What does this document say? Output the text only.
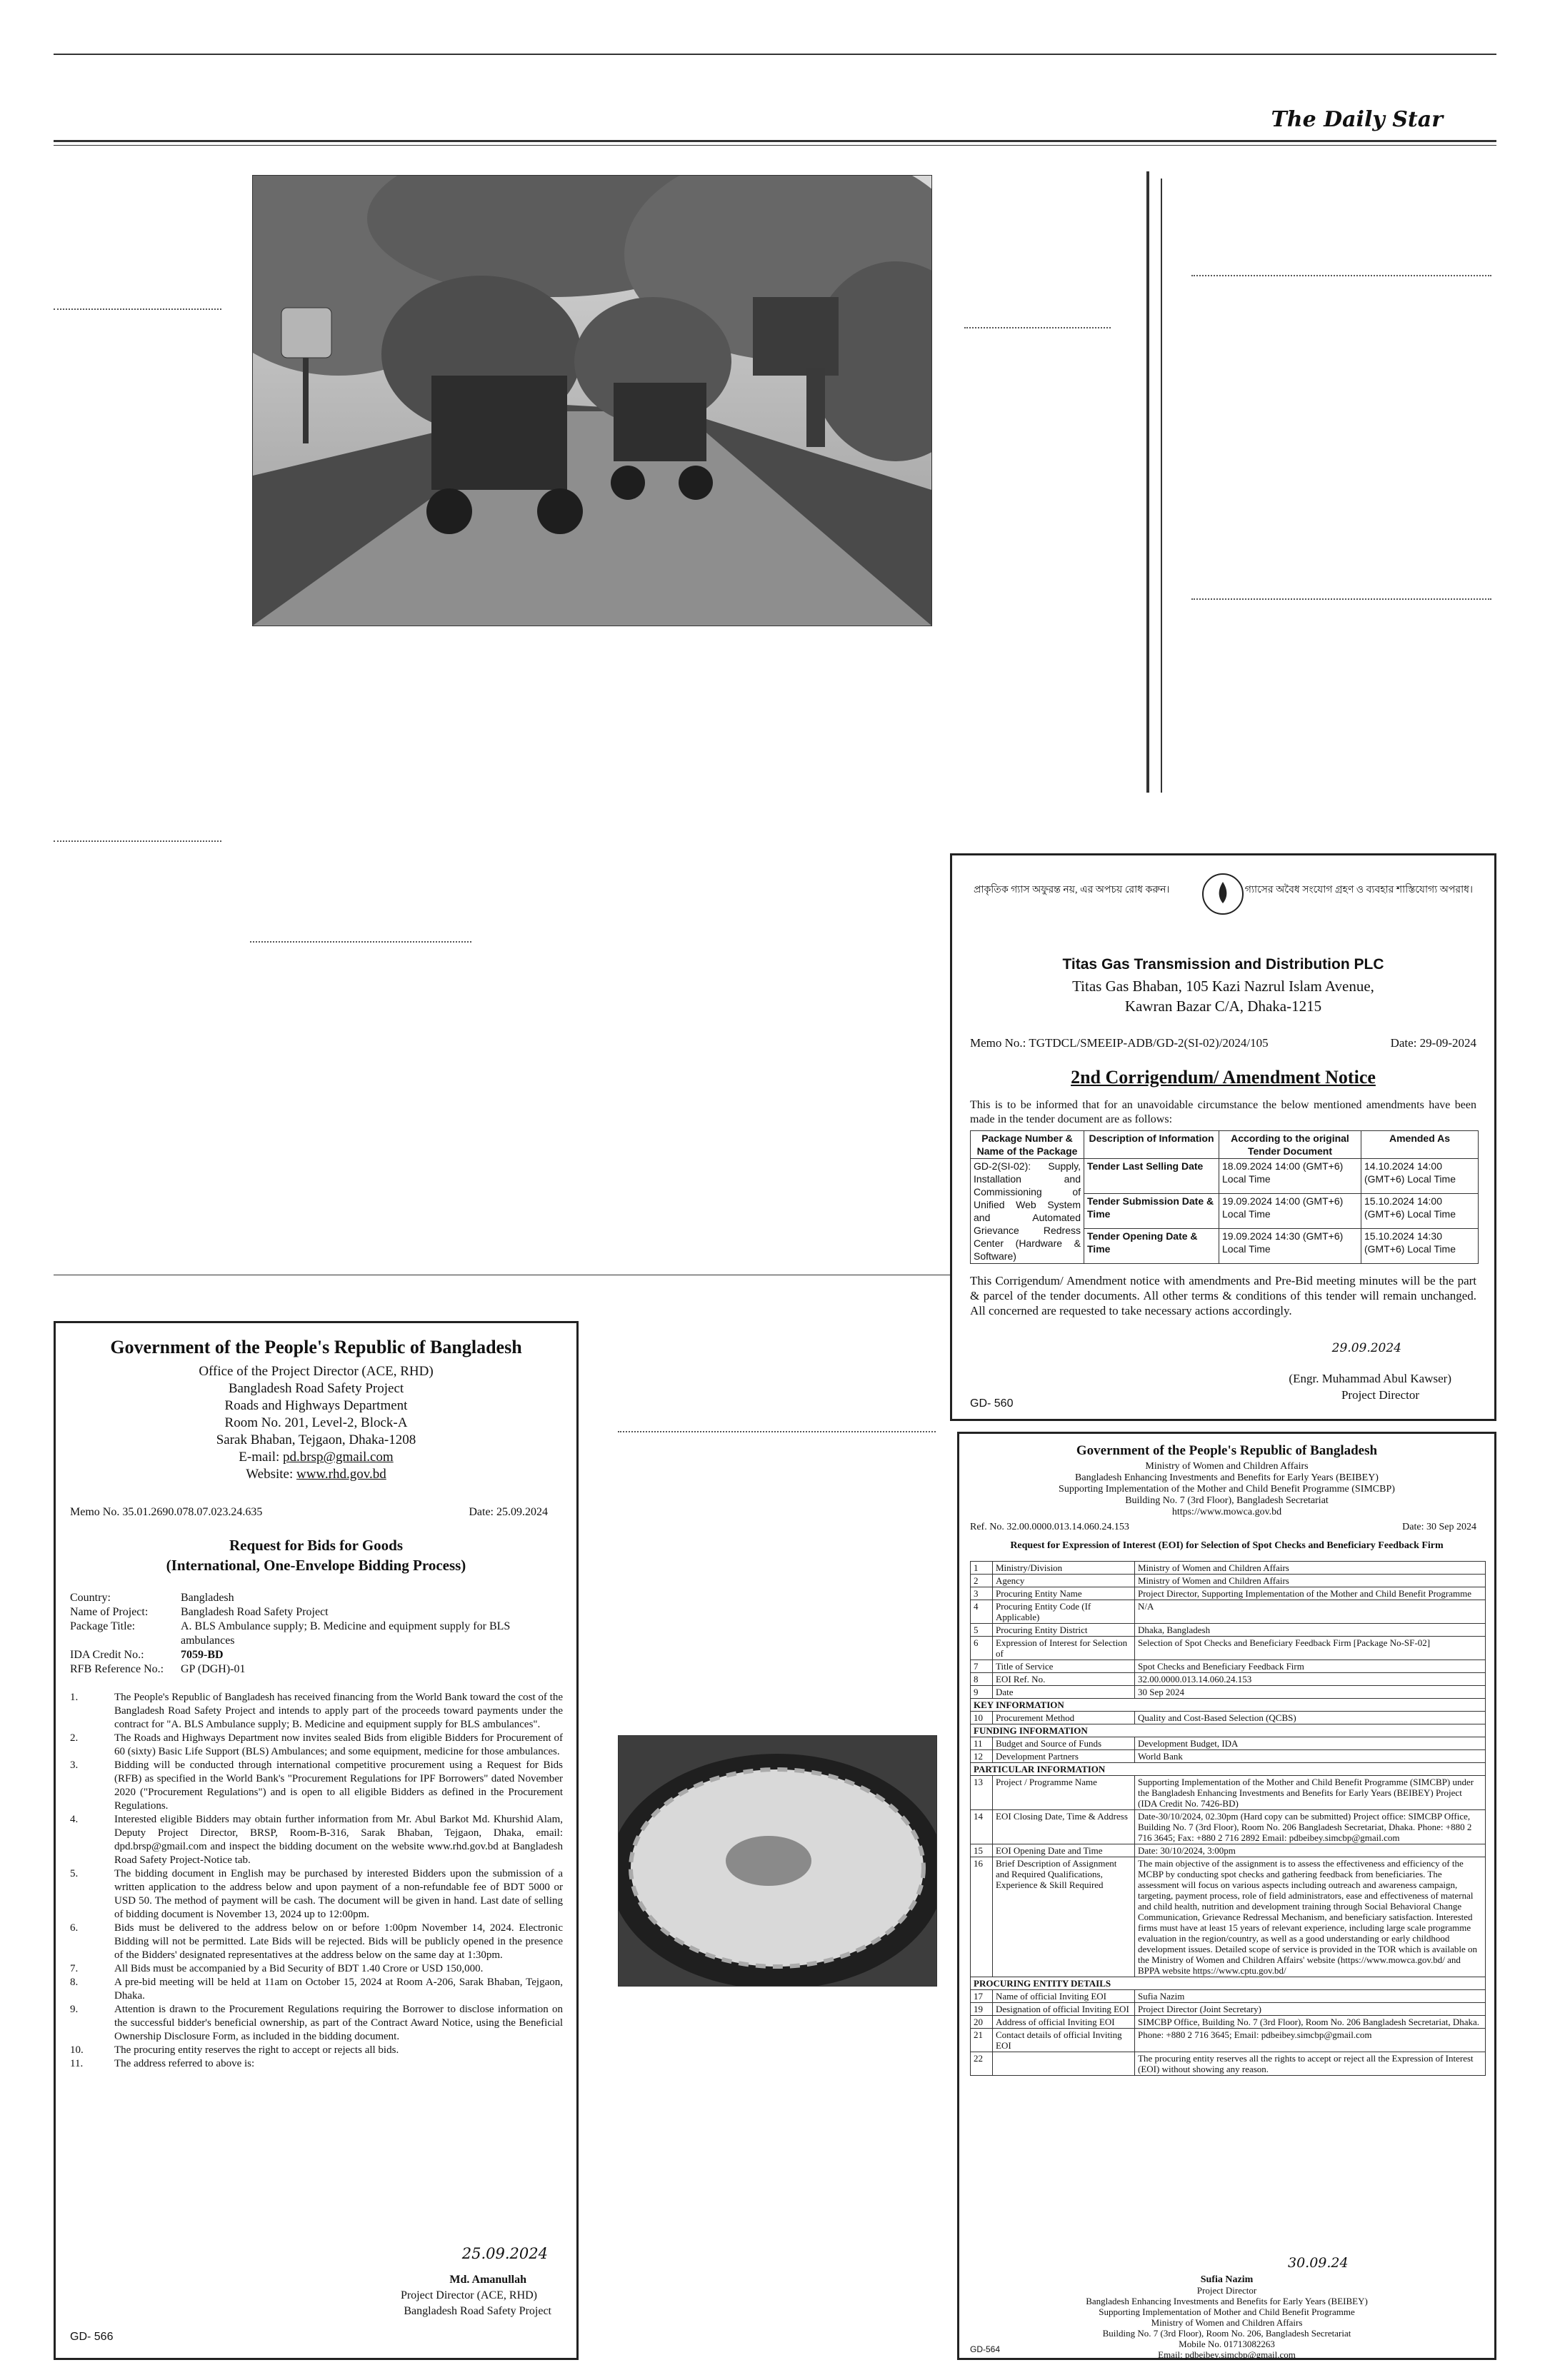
The Daily Star
প্রাকৃতিক গ্যাস অফুরন্ত নয়, এর অপচয় রোধ করুন।	গ্যাসের অবৈধ সংযোগ গ্রহণ ও ব্যবহার শাস্তিযোগ্য অপরাধ।
Titas Gas Transmission and Distribution PLC
Titas Gas Bhaban, 105 Kazi Nazrul Islam Avenue,
Kawran Bazar C/A, Dhaka-1215
Memo No.: TGTDCL/SMEEIP-ADB/GD-2(SI-02)/2024/105	Date: 29-09-2024
2nd Corrigendum/ Amendment Notice
This is to be informed that for an unavoidable circumstance the below mentioned amendments have been made in the tender document are as follows:
Package Number & Name of the Package	Description of Information	According to the original Tender Document	Amended As
GD-2(SI-02): Supply, Installation and Commissioning of Unified Web System and Automated Grievance Redress Center (Hardware & Software)	Tender Last Selling Date	18.09.2024 14:00 (GMT+6) Local Time	14.10.2024 14:00 (GMT+6) Local Time
	Tender Submission Date & Time	19.09.2024 14:00 (GMT+6) Local Time	15.10.2024 14:00 (GMT+6) Local Time
	Tender Opening Date & Time	19.09.2024 14:30 (GMT+6) Local Time	15.10.2024 14:30 (GMT+6) Local Time
This Corrigendum/ Amendment notice with amendments and Pre-Bid meeting minutes will be the part & parcel of the tender documents. All other terms & conditions of this tender will remain unchanged. All concerned are requested to take necessary actions accordingly.
29.09.2024
(Engr. Muhammad Abul Kawser)
Project Director
GD- 560
Government of the People's Republic of Bangladesh
Office of the Project Director (ACE, RHD)
Bangladesh Road Safety Project
Roads and Highways Department
Room No. 201, Level-2, Block-A
Sarak Bhaban, Tejgaon, Dhaka-1208
E-mail: pd.brsp@gmail.com
Website: www.rhd.gov.bd
Memo No. 35.01.2690.078.07.023.24.635	Date: 25.09.2024
Request for Bids for Goods
(International, One-Envelope Bidding Process)
Country:	Bangladesh
Name of Project:	Bangladesh Road Safety Project
Package Title:	A. BLS Ambulance supply; B. Medicine and equipment supply for BLS ambulances
IDA Credit No.:	7059-BD
RFB Reference No.:	GP (DGH)-01
1.	The People's Republic of Bangladesh has received financing from the World Bank toward the cost of the Bangladesh Road Safety Project and intends to apply part of the proceeds toward payments under the contract for "A. BLS Ambulance supply; B. Medicine and equipment supply for BLS ambulances".
2.	The Roads and Highways Department now invites sealed Bids from eligible Bidders for Procurement of 60 (sixty) Basic Life Support (BLS) Ambulances; and some equipment, medicine for those ambulances.
3.	Bidding will be conducted through international competitive procurement using a Request for Bids (RFB) as specified in the World Bank's "Procurement Regulations for IPF Borrowers" dated November 2020 ("Procurement Regulations") and is open to all eligible Bidders as defined in the Procurement Regulations.
4.	Interested eligible Bidders may obtain further information from Mr. Abul Barkot Md. Khurshid Alam, Deputy Project Director, BRSP, Room-B-316, Sarak Bhaban, Tejgaon, Dhaka, email: dpd.brsp@gmail.com and inspect the bidding document on the website www.rhd.gov.bd at Bangladesh Road Safety Project-Notice tab.
5.	The bidding document in English may be purchased by interested Bidders upon the submission of a written application to the address below and upon payment of a non-refundable fee of BDT 5000 or USD 50. The method of payment will be cash. The document will be given in hand. Last date of selling of bidding document is November 13, 2024 up to 12:00pm.
6.	Bids must be delivered to the address below on or before 1:00pm November 14, 2024. Electronic Bidding will not be permitted. Late Bids will be rejected. Bids will be publicly opened in the presence of the Bidders' designated representatives at the address below on the same day at 1:30pm.
7.	All Bids must be accompanied by a Bid Security of BDT 1.40 Crore or USD 150,000.
8.	A pre-bid meeting will be held at 11am on October 15, 2024 at Room A-206, Sarak Bhaban, Tejgaon, Dhaka.
9.	Attention is drawn to the Procurement Regulations requiring the Borrower to disclose information on the successful bidder's beneficial ownership, as part of the Contract Award Notice, using the Beneficial Ownership Disclosure Form, as included in the bidding document.
10.	The procuring entity reserves the right to accept or rejects all bids.
11.	The address referred to above is:
25.09.2024
Md. Amanullah
Project Director (ACE, RHD)
Bangladesh Road Safety Project
GD- 566
Government of the People's Republic of Bangladesh
Ministry of Women and Children Affairs
Bangladesh Enhancing Investments and Benefits for Early Years (BEIBEY)
Supporting Implementation of the Mother and Child Benefit Programme (SIMCBP)
Building No. 7 (3rd Floor), Bangladesh Secretariat
https://www.mowca.gov.bd
Ref. No. 32.00.0000.013.14.060.24.153	Date: 30 Sep 2024
Request for Expression of Interest (EOI) for Selection of Spot Checks and Beneficiary Feedback Firm
1	Ministry/Division	Ministry of Women and Children Affairs
2	Agency	Ministry of Women and Children Affairs
3	Procuring Entity Name	Project Director, Supporting Implementation of the Mother and Child Benefit Programme
4	Procuring Entity Code (If Applicable)	N/A
5	Procuring Entity District	Dhaka, Bangladesh
6	Expression of Interest for Selection of	Selection of Spot Checks and Beneficiary Feedback Firm [Package No-SF-02]
7	Title of Service	Spot Checks and Beneficiary Feedback Firm
8	EOI Ref. No.	32.00.0000.013.14.060.24.153
9	Date	30 Sep 2024
KEY INFORMATION		
10	Procurement Method	Quality and Cost-Based Selection (QCBS)
FUNDING INFORMATION		
11	Budget and Source of Funds	Development Budget, IDA
12	Development Partners	World Bank
PARTICULAR INFORMATION		
13	Project / Programme Name	Supporting Implementation of the Mother and Child Benefit Programme (SIMCBP) under the Bangladesh Enhancing Investments and Benefits for Early Years (BEIBEY) Project (IDA Credit No. 7426-BD)
14	EOI Closing Date, Time & Address	Date-30/10/2024, 02.30pm (Hard copy can be submitted) Project office: SIMCBP Office, Building No. 7 (3rd Floor), Room No. 206 Bangladesh Secretariat, Dhaka. Phone: +880 2 716 3645; Fax: +880 2 716 2892 Email: pdbeibey.simcbp@gmail.com
15	EOI Opening Date and Time	Date: 30/10/2024, 3:00pm
16	Brief Description of Assignment and Required Qualifications, Experience & Skill Required	The main objective of the assignment is to assess the effectiveness and efficiency of the MCBP by conducting spot checks and gathering feedback from beneficiaries. The assessment will focus on various aspects including outreach and awareness campaign, targeting, payment process, role of field administrators, ease and effectiveness of maternal and child health, nutrition and development training through Social Behavioral Change Communication, Grievance Redressal Mechanism, and beneficiary satisfaction. Interested firms must have at least 15 years of relevant experience, including large scale programme evaluation in the region/country, as well as a good understanding or early childhood development issues. Detailed scope of service is provided in the TOR which is available on the Ministry of Women and Children Affairs' website (https://www.mowca.gov.bd/ and BPPA website https://www.cptu.gov.bd/
PROCURING ENTITY DETAILS		
17	Name of official Inviting EOI	Sufia Nazim
19	Designation of official Inviting EOI	Project Director (Joint Secretary)
20	Address of official Inviting EOI	SIMCBP Office, Building No. 7 (3rd Floor), Room No. 206 Bangladesh Secretariat, Dhaka.
21	Contact details of official Inviting EOI	Phone: +880 2 716 3645; Email: pdbeibey.simcbp@gmail.com
22		The procuring entity reserves all the rights to accept or reject all the Expression of Interest (EOI) without showing any reason.
30.09.24
Sufia Nazim
Project Director
Bangladesh Enhancing Investments and Benefits for Early Years (BEIBEY)
Supporting Implementation of Mother and Child Benefit Programme
Ministry of Women and Children Affairs
Building No. 7 (3rd Floor), Room No. 206, Bangladesh Secretariat
Mobile No. 01713082263
Email: pdbeibey.simcbp@gmail.com
GD-564
